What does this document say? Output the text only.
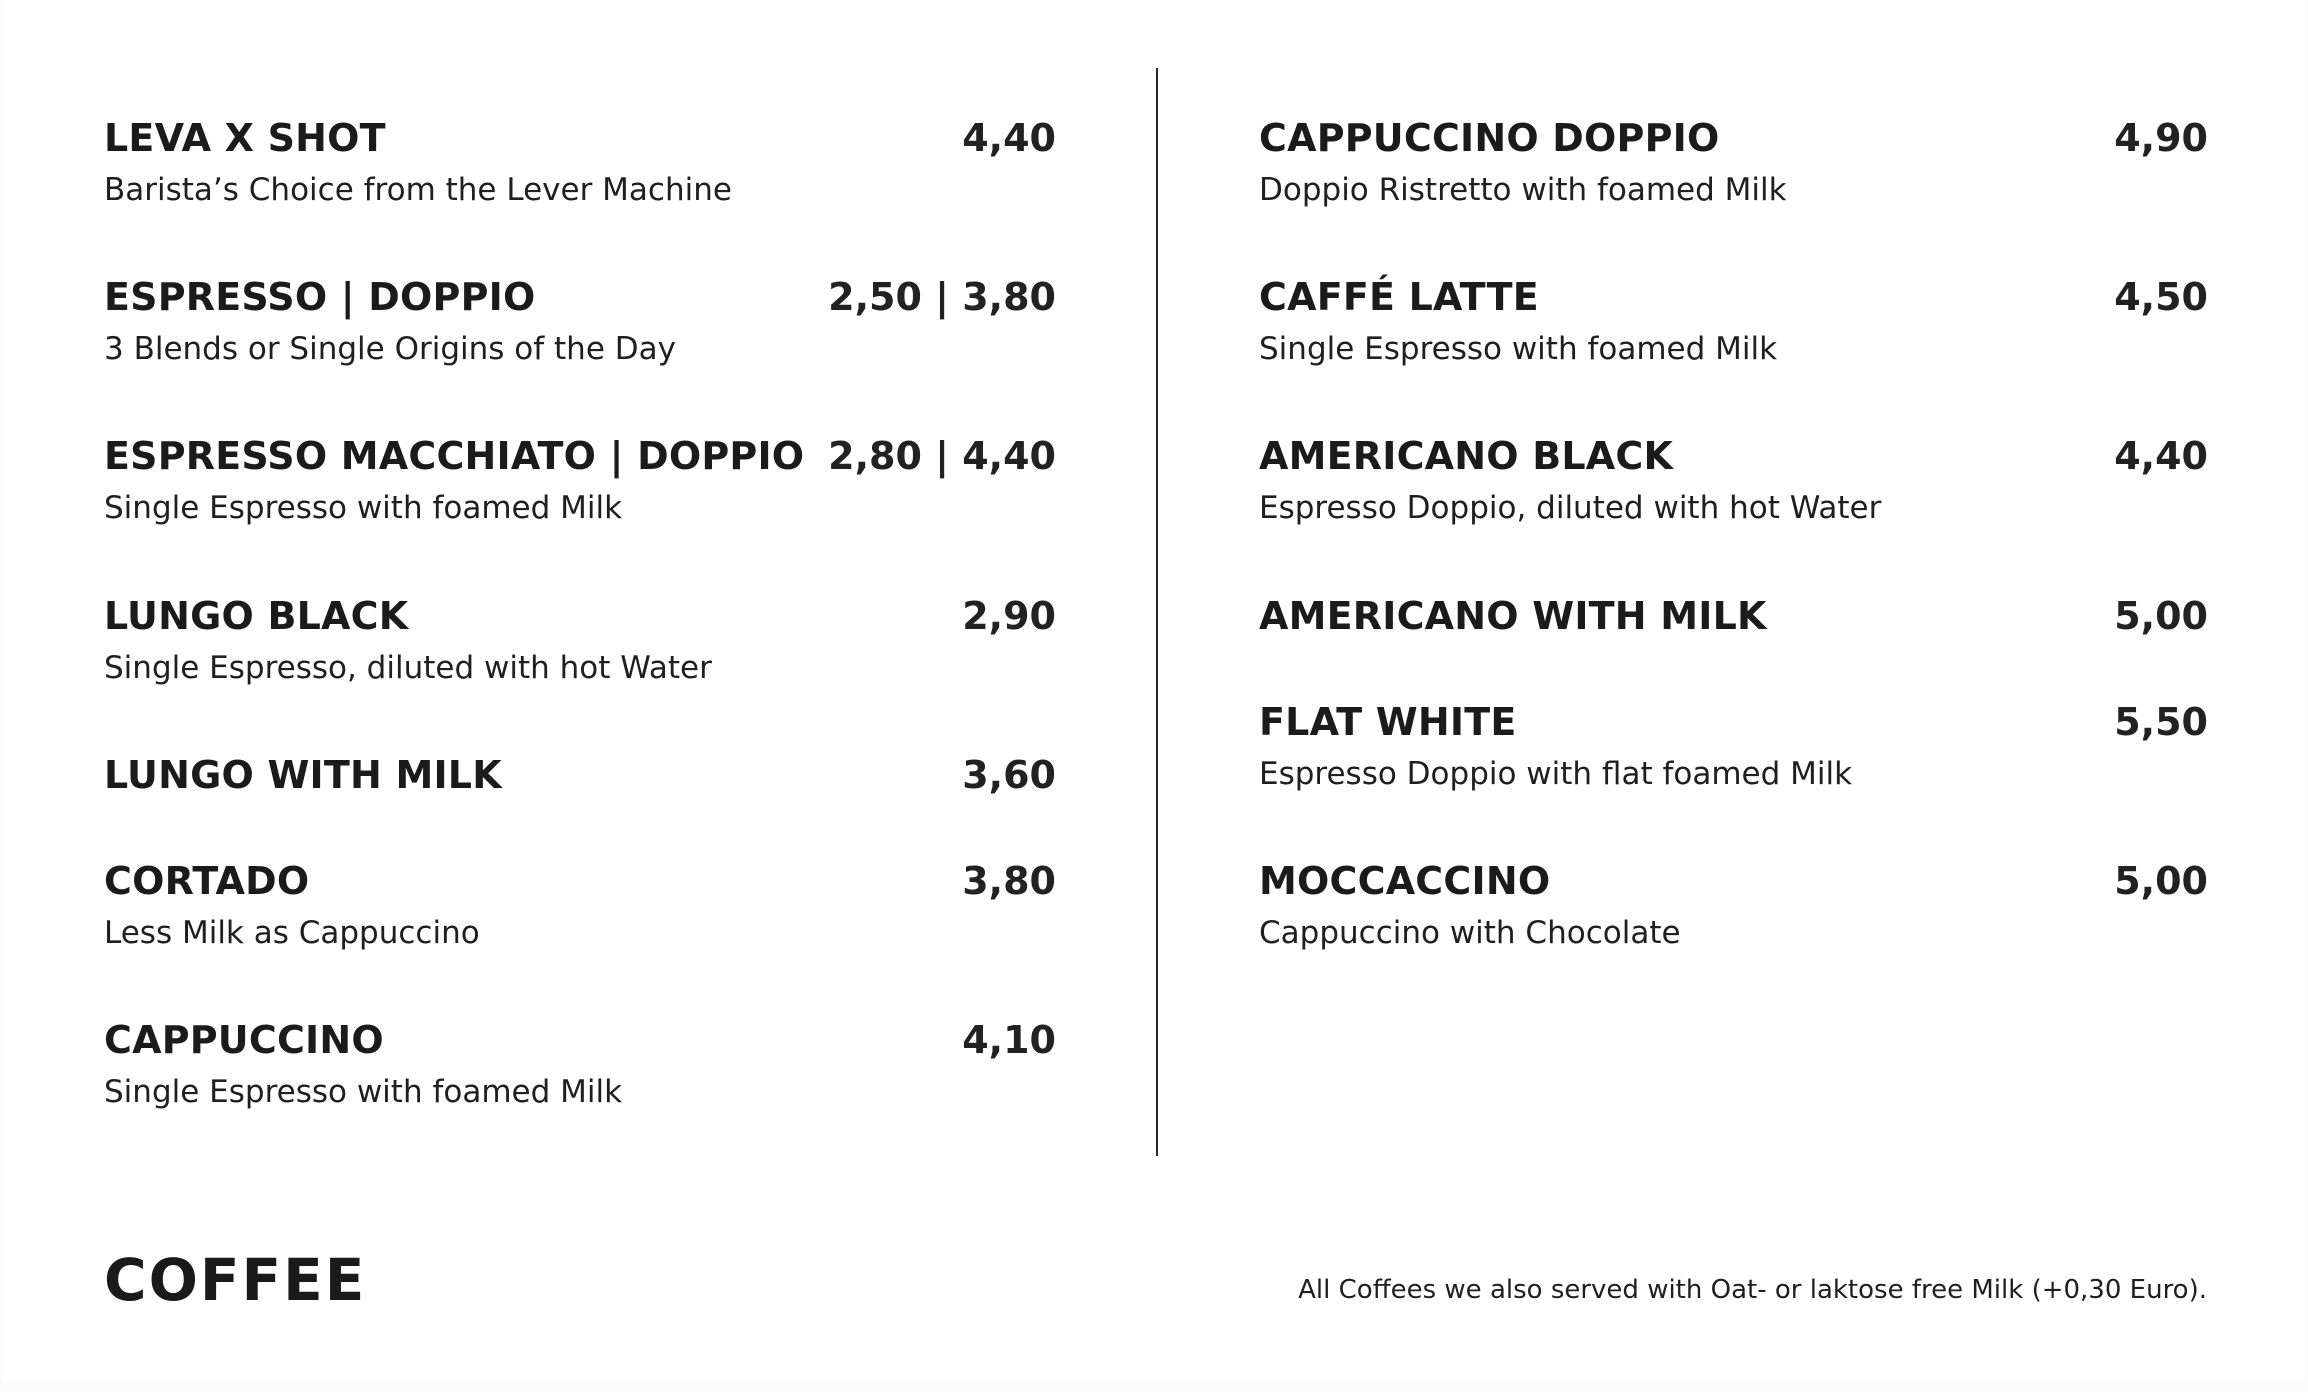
LEVA X SHOT	4,40
Barista’s Choice from the Lever Machine
ESPRESSO | DOPPIO	2,50 | 3,80
3 Blends or Single Origins of the Day
ESPRESSO MACCHIATO | DOPPIO 2,80 | 4,40
Single Espresso with foamed Milk
LUNGO BLACK	2,90
Single Espresso, diluted with hot Water
LUNGO WITH MILK	3,60
CORTADO	3,80
Less Milk as Cappuccino
CAPPUCCINO	4,10
Single Espresso with foamed Milk
CAPPUCCINO DOPPIO	4,90
Doppio Ristretto with foamed Milk
CAFFÉ LATTE	4,50
Single Espresso with foamed Milk
AMERICANO BLACK	4,40
Espresso Doppio, diluted with hot Water
AMERICANO WITH MILK	5,00
FLAT WHITE	5,50
Espresso Doppio with flat foamed Milk
MOCCACCINO	5,00
Cappuccino with Chocolate
COFFEE	All Coffees we also served with Oat- or laktose free Milk (+0,30 Euro).
